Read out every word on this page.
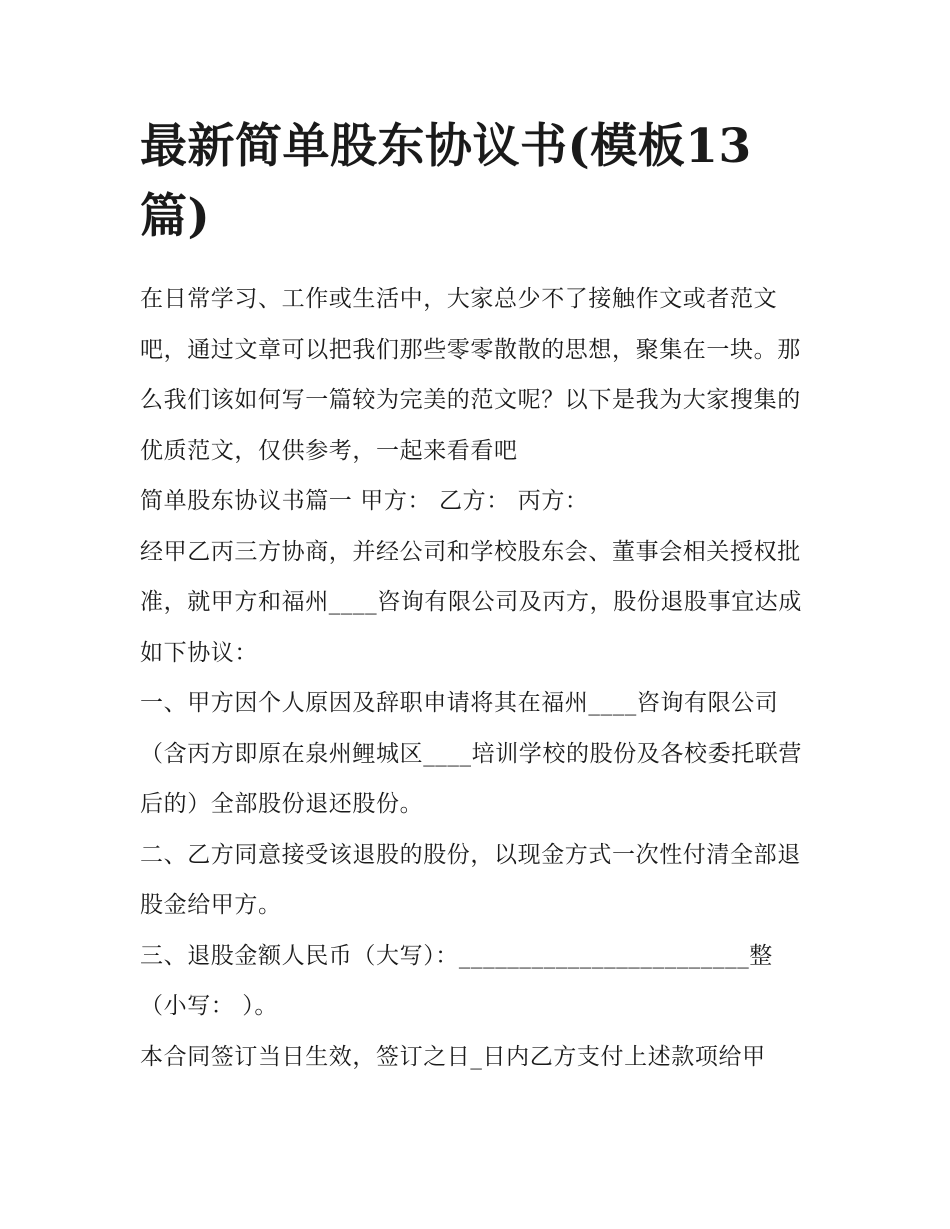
最新简单股东协议书(模板13篇)

在日常学习、工作或生活中，大家总少不了接触作文或者范文吧，通过文章可以把我们那些零零散散的思想，聚集在一块。那么我们该如何写一篇较为完美的范文呢？以下是我为大家搜集的优质范文，仅供参考，一起来看看吧

简单股东协议书篇一 甲方： 乙方： 丙方：

经甲乙丙三方协商，并经公司和学校股东会、董事会相关授权批准，就甲方和福州____咨询有限公司及丙方，股份退股事宜达成如下协议：

一、甲方因个人原因及辞职申请将其在福州____咨询有限公司（含丙方即原在泉州鲤城区____培训学校的股份及各校委托联营后的）全部股份退还股份。

二、乙方同意接受该退股的股份，以现金方式一次性付清全部退股金给甲方。

三、退股金额人民币（大写）：________________________整（小写： ）。

本合同签订当日生效，签订之日_日内乙方支付上述款项给甲
